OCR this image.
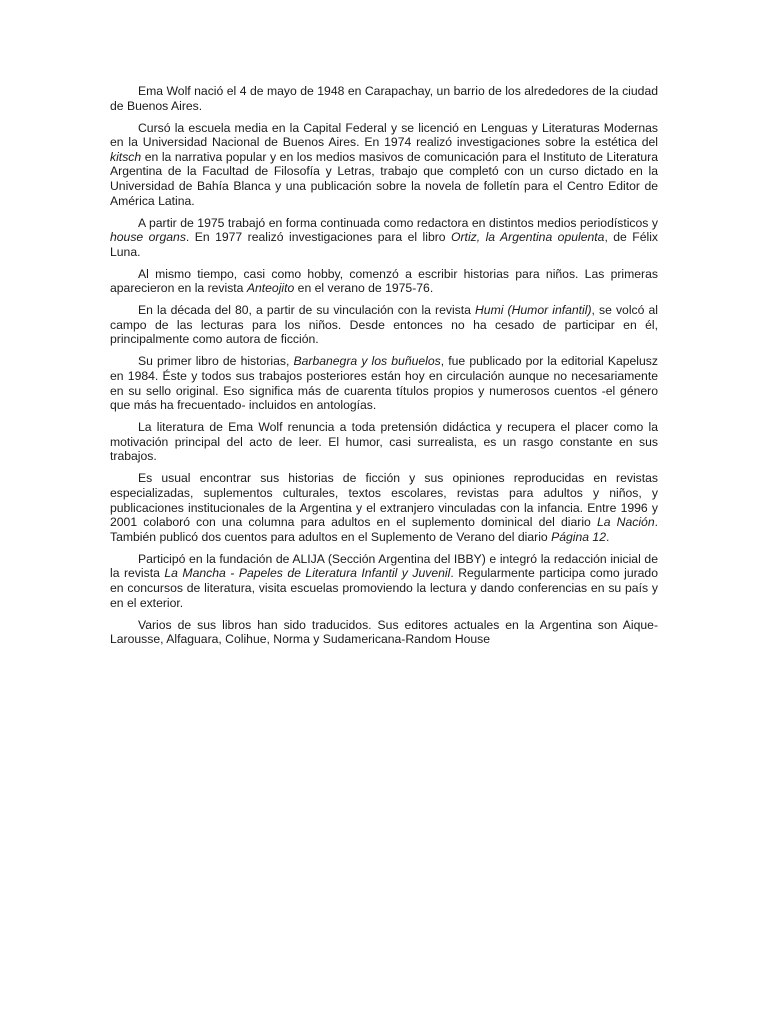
Ema Wolf nació el 4 de mayo de 1948 en Carapachay, un barrio de los alrededores de la ciudad de Buenos Aires.

Cursó la escuela media en la Capital Federal y se licenció en Lenguas y Literaturas Modernas en la Universidad Nacional de Buenos Aires. En 1974 realizó investigaciones sobre la estética del kitsch en la narrativa popular y en los medios masivos de comunicación para el Instituto de Literatura Argentina de la Facultad de Filosofía y Letras, trabajo que completó con un curso dictado en la Universidad de Bahía Blanca y una publicación sobre la novela de folletín para el Centro Editor de América Latina.

A partir de 1975 trabajó en forma continuada como redactora en distintos medios periodísticos y house organs. En 1977 realizó investigaciones para el libro Ortiz, la Argentina opulenta, de Félix Luna.

Al mismo tiempo, casi como hobby, comenzó a escribir historias para niños. Las primeras aparecieron en la revista Anteojito en el verano de 1975-76.

En la década del 80, a partir de su vinculación con la revista Humi (Humor infantil), se volcó al campo de las lecturas para los niños. Desde entonces no ha cesado de participar en él, principalmente como autora de ficción.

Su primer libro de historias, Barbanegra y los buñuelos, fue publicado por la editorial Kapelusz en 1984. Éste y todos sus trabajos posteriores están hoy en circulación aunque no necesariamente en su sello original. Eso significa más de cuarenta títulos propios y numerosos cuentos -el género que más ha frecuentado- incluidos en antologías.

La literatura de Ema Wolf renuncia a toda pretensión didáctica y recupera el placer como la motivación principal del acto de leer. El humor, casi surrealista, es un rasgo constante en sus trabajos.

Es usual encontrar sus historias de ficción y sus opiniones reproducidas en revistas especializadas, suplementos culturales, textos escolares, revistas para adultos y niños, y publicaciones institucionales de la Argentina y el extranjero vinculadas con la infancia. Entre 1996 y 2001 colaboró con una columna para adultos en el suplemento dominical del diario La Nación. También publicó dos cuentos para adultos en el Suplemento de Verano del diario Página 12.

Participó en la fundación de ALIJA (Sección Argentina del IBBY) e integró la redacción inicial de la revista La Mancha - Papeles de Literatura Infantil y Juvenil. Regularmente participa como jurado en concursos de literatura, visita escuelas promoviendo la lectura y dando conferencias en su país y en el exterior.

Varios de sus libros han sido traducidos. Sus editores actuales en la Argentina son Aique-Larousse, Alfaguara, Colihue, Norma y Sudamericana-Random House
